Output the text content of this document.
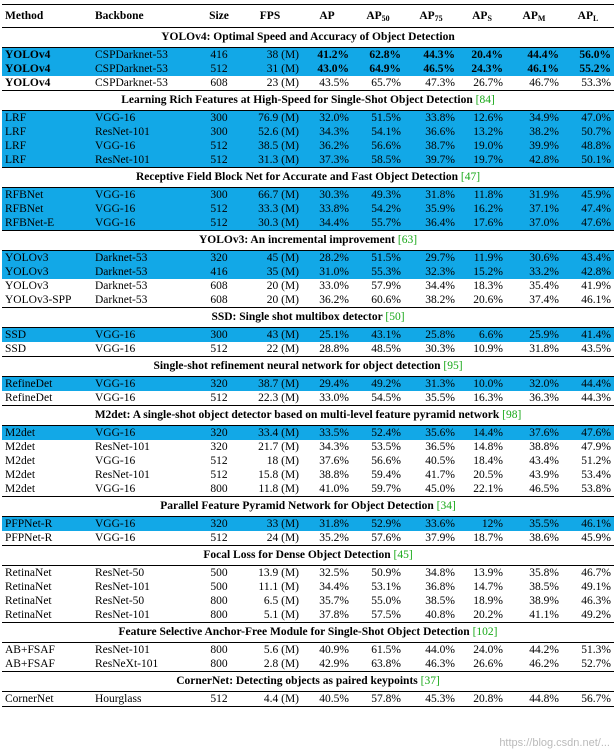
Method	Backbone	Size	FPS	AP	$AP_{50}$	$AP_{75}$	$AP_S$	$AP_M$	$AP_L$
YOLOv4: Optimal Speed and Accuracy of Object Detection									
YOLOv4	CSPDarknet-53	416	38 (M)	41.2%	62.8%	44.3%	20.4%	44.4%	56.0%
YOLOv4	CSPDarknet-53	512	31 (M)	43.0%	64.9%	46.5%	24.3%	46.1%	55.2%
YOLOv4	CSPDarknet-53	608	23 (M)	43.5%	65.7%	47.3%	26.7%	46.7%	53.3%
Learning Rich Features at High-Speed for Single-Shot Object Detection [84]									
LRF	VGG-16	300	76.9 (M)	32.0%	51.5%	33.8%	12.6%	34.9%	47.0%
LRF	ResNet-101	300	52.6 (M)	34.3%	54.1%	36.6%	13.2%	38.2%	50.7%
LRF	VGG-16	512	38.5 (M)	36.2%	56.6%	38.7%	19.0%	39.9%	48.8%
LRF	ResNet-101	512	31.3 (M)	37.3%	58.5%	39.7%	19.7%	42.8%	50.1%
Receptive Field Block Net for Accurate and Fast Object Detection [47]									
RFBNet	VGG-16	300	66.7 (M)	30.3%	49.3%	31.8%	11.8%	31.9%	45.9%
RFBNet	VGG-16	512	33.3 (M)	33.8%	54.2%	35.9%	16.2%	37.1%	47.4%
RFBNet-E	VGG-16	512	30.3 (M)	34.4%	55.7%	36.4%	17.6%	37.0%	47.6%
YOLOv3: An incremental improvement [63]									
YOLOv3	Darknet-53	320	45 (M)	28.2%	51.5%	29.7%	11.9%	30.6%	43.4%
YOLOv3	Darknet-53	416	35 (M)	31.0%	55.3%	32.3%	15.2%	33.2%	42.8%
YOLOv3	Darknet-53	608	20 (M)	33.0%	57.9%	34.4%	18.3%	35.4%	41.9%
YOLOv3-SPP	Darknet-53	608	20 (M)	36.2%	60.6%	38.2%	20.6%	37.4%	46.1%
SSD: Single shot multibox detector [50]									
SSD	VGG-16	300	43 (M)	25.1%	43.1%	25.8%	6.6%	25.9%	41.4%
SSD	VGG-16	512	22 (M)	28.8%	48.5%	30.3%	10.9%	31.8%	43.5%
Single-shot refinement neural network for object detection [95]									
RefineDet	VGG-16	320	38.7 (M)	29.4%	49.2%	31.3%	10.0%	32.0%	44.4%
RefineDet	VGG-16	512	22.3 (M)	33.0%	54.5%	35.5%	16.3%	36.3%	44.3%
M2det: A single-shot object detector based on multi-level feature pyramid network [98]									
M2det	VGG-16	320	33.4 (M)	33.5%	52.4%	35.6%	14.4%	37.6%	47.6%
M2det	ResNet-101	320	21.7 (M)	34.3%	53.5%	36.5%	14.8%	38.8%	47.9%
M2det	VGG-16	512	18 (M)	37.6%	56.6%	40.5%	18.4%	43.4%	51.2%
M2det	ResNet-101	512	15.8 (M)	38.8%	59.4%	41.7%	20.5%	43.9%	53.4%
M2det	VGG-16	800	11.8 (M)	41.0%	59.7%	45.0%	22.1%	46.5%	53.8%
Parallel Feature Pyramid Network for Object Detection [34]									
PFPNet-R	VGG-16	320	33 (M)	31.8%	52.9%	33.6%	12%	35.5%	46.1%
PFPNet-R	VGG-16	512	24 (M)	35.2%	57.6%	37.9%	18.7%	38.6%	45.9%
Focal Loss for Dense Object Detection [45]									
RetinaNet	ResNet-50	500	13.9 (M)	32.5%	50.9%	34.8%	13.9%	35.8%	46.7%
RetinaNet	ResNet-101	500	11.1 (M)	34.4%	53.1%	36.8%	14.7%	38.5%	49.1%
RetinaNet	ResNet-50	800	6.5 (M)	35.7%	55.0%	38.5%	18.9%	38.9%	46.3%
RetinaNet	ResNet-101	800	5.1 (M)	37.8%	57.5%	40.8%	20.2%	41.1%	49.2%
Feature Selective Anchor-Free Module for Single-Shot Object Detection [102]									
AB+FSAF	ResNet-101	800	5.6 (M)	40.9%	61.5%	44.0%	24.0%	44.2%	51.3%
AB+FSAF	ResNeXt-101	800	2.8 (M)	42.9%	63.8%	46.3%	26.6%	46.2%	52.7%
CornerNet: Detecting objects as paired keypoints [37]									
CornerNet	Hourglass	512	4.4 (M)	40.5%	57.8%	45.3%	20.8%	44.8%	56.7%
https://blog.csdn.net/...
